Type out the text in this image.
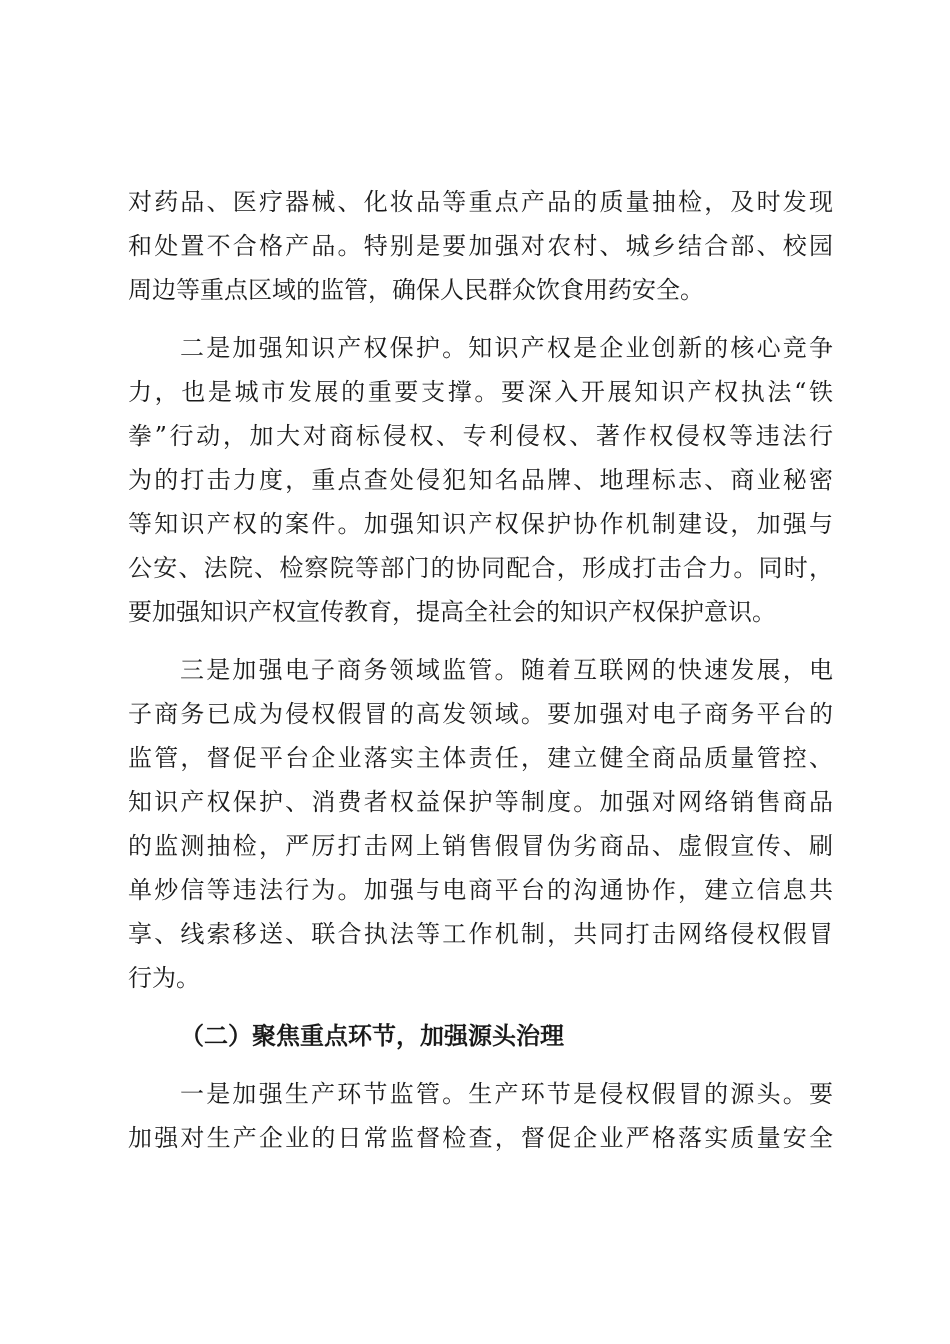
对药品、医疗器械、化妆品等重点产品的质量抽检，及时发现
和处置不合格产品。特别是要加强对农村、城乡结合部、校园
周边等重点区域的监管，确保人民群众饮食用药安全。
二是加强知识产权保护。知识产权是企业创新的核心竞争
力，也是城市发展的重要支撑。要深入开展知识产权执法“铁
拳”行动，加大对商标侵权、专利侵权、著作权侵权等违法行
为的打击力度，重点查处侵犯知名品牌、地理标志、商业秘密
等知识产权的案件。加强知识产权保护协作机制建设，加强与
公安、法院、检察院等部门的协同配合，形成打击合力。同时，
要加强知识产权宣传教育，提高全社会的知识产权保护意识。
三是加强电子商务领域监管。随着互联网的快速发展，电
子商务已成为侵权假冒的高发领域。要加强对电子商务平台的
监管，督促平台企业落实主体责任，建立健全商品质量管控、
知识产权保护、消费者权益保护等制度。加强对网络销售商品
的监测抽检，严厉打击网上销售假冒伪劣商品、虚假宣传、刷
单炒信等违法行为。加强与电商平台的沟通协作，建立信息共
享、线索移送、联合执法等工作机制，共同打击网络侵权假冒
行为。
（二）聚焦重点环节，加强源头治理
一是加强生产环节监管。生产环节是侵权假冒的源头。要
加强对生产企业的日常监督检查，督促企业严格落实质量安全
